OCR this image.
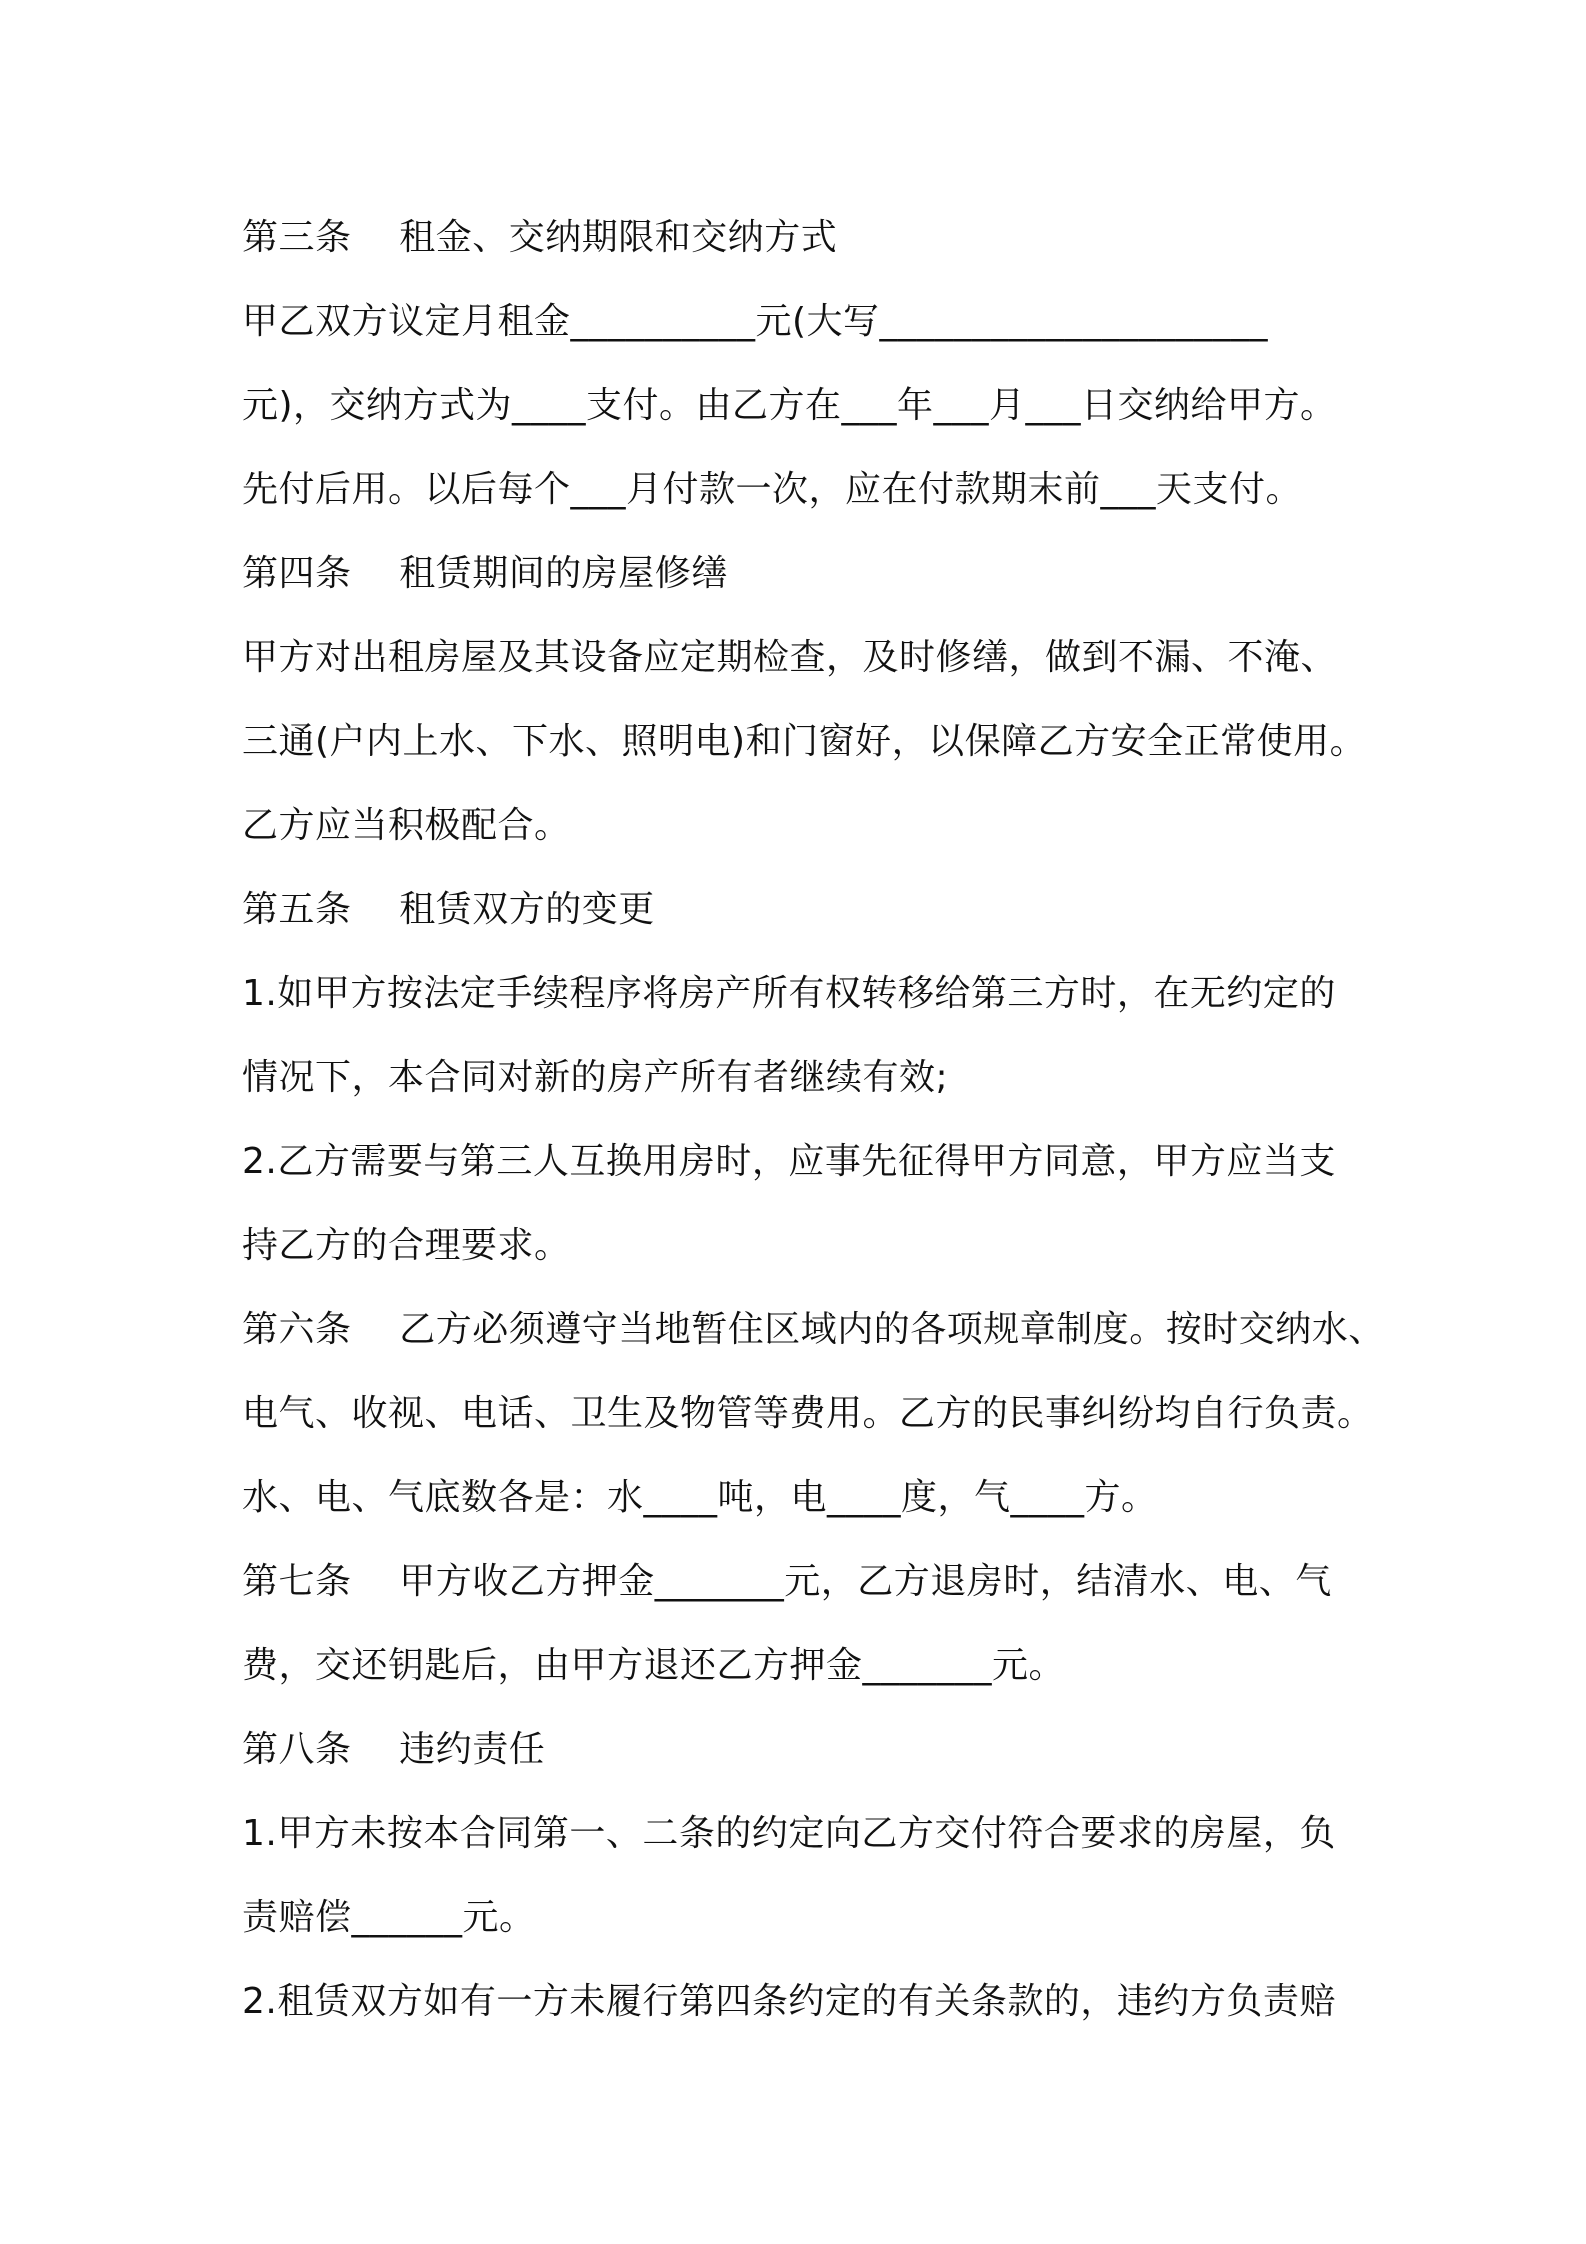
第三条    租金、交纳期限和交纳方式
甲乙双方议定月租金__________元(大写_____________________
元)，交纳方式为____支付。由乙方在___年___月___日交纳给甲方。
先付后用。以后每个___月付款一次，应在付款期末前___天支付。
第四条    租赁期间的房屋修缮
甲方对出租房屋及其设备应定期检查，及时修缮，做到不漏、不淹、
三通(户内上水、下水、照明电)和门窗好，以保障乙方安全正常使用。
乙方应当积极配合。
第五条    租赁双方的变更
1.如甲方按法定手续程序将房产所有权转移给第三方时，在无约定的
情况下，本合同对新的房产所有者继续有效;
2.乙方需要与第三人互换用房时，应事先征得甲方同意，甲方应当支
持乙方的合理要求。
第六条    乙方必须遵守当地暂住区域内的各项规章制度。按时交纳水、
电气、收视、电话、卫生及物管等费用。乙方的民事纠纷均自行负责。
水、电、气底数各是：水____吨，电____度，气____方。
第七条    甲方收乙方押金_______元，乙方退房时，结清水、电、气
费，交还钥匙后，由甲方退还乙方押金_______元。
第八条    违约责任
1.甲方未按本合同第一、二条的约定向乙方交付符合要求的房屋，负
责赔偿______元。
2.租赁双方如有一方未履行第四条约定的有关条款的，违约方负责赔
